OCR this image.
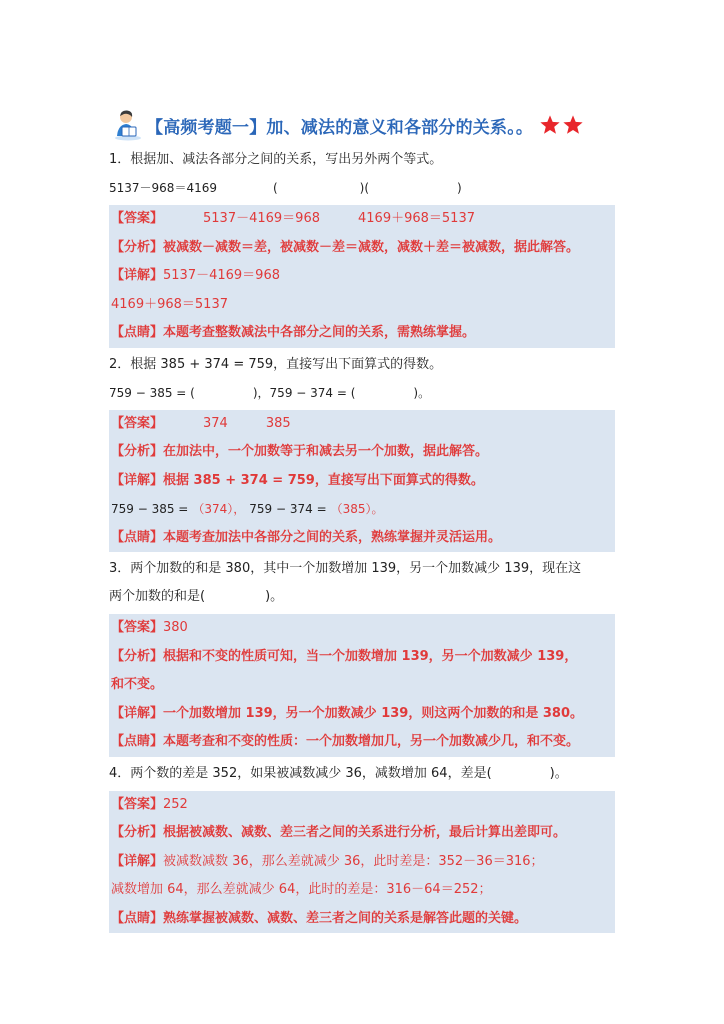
【高频考题一】加、减法的意义和各部分的关系。。
1．根据加、减法各部分之间的关系，写出另外两个等式。
5137－968＝4169	(	)(	)
【答案】	5137－4169＝968	4169＋968＝5137
【分析】被减数－减数＝差，被减数－差＝减数，减数＋差＝被减数，据此解答。
【详解】5137－4169＝968
4169＋968＝5137
【点睛】本题考查整数减法中各部分之间的关系，需熟练掌握。
2．根据 385 + 374 = 759，直接写出下面算式的得数。
759 − 385 = (	)，759 − 374 = (	)。
【答案】	374	385
【分析】在加法中，一个加数等于和减去另一个加数，据此解答。
【详解】根据 385 + 374 = 759，直接写出下面算式的得数。
759 − 385 = （374）， 759 − 374 = （385）。
【点睛】本题考查加法中各部分之间的关系，熟练掌握并灵活运用。
3．两个加数的和是 380，其中一个加数增加 139，另一个加数减少 139，现在这
两个加数的和是(	)。
【答案】380
【分析】根据和不变的性质可知，当一个加数增加 139，另一个加数减少 139，
和不变。
【详解】一个加数增加 139，另一个加数减少 139，则这两个加数的和是 380。
【点睛】本题考查和不变的性质：一个加数增加几，另一个加数减少几，和不变。
4．两个数的差是 352，如果被减数减少 36，减数增加 64，差是(	)。
【答案】252
【分析】根据被减数、减数、差三者之间的关系进行分析，最后计算出差即可。
【详解】被减数减数 36，那么差就减少 36，此时差是：352－36＝316；
减数增加 64，那么差就减少 64，此时的差是：316－64＝252；
【点睛】熟练掌握被减数、减数、差三者之间的关系是解答此题的关键。
